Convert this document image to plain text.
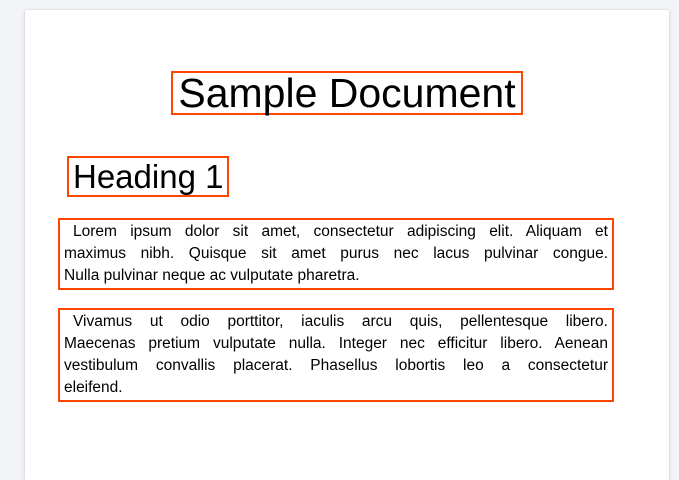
Sample Document
Heading 1
Lorem ipsum dolor sit amet, consectetur adipiscing elit. Aliquam et
maximus nibh. Quisque sit amet purus nec lacus pulvinar congue.
Nulla pulvinar neque ac vulputate pharetra.
Vivamus ut odio porttitor, iaculis arcu quis, pellentesque libero.
Maecenas pretium vulputate nulla. Integer nec efficitur libero. Aenean
vestibulum convallis placerat. Phasellus lobortis leo a consectetur
eleifend.
